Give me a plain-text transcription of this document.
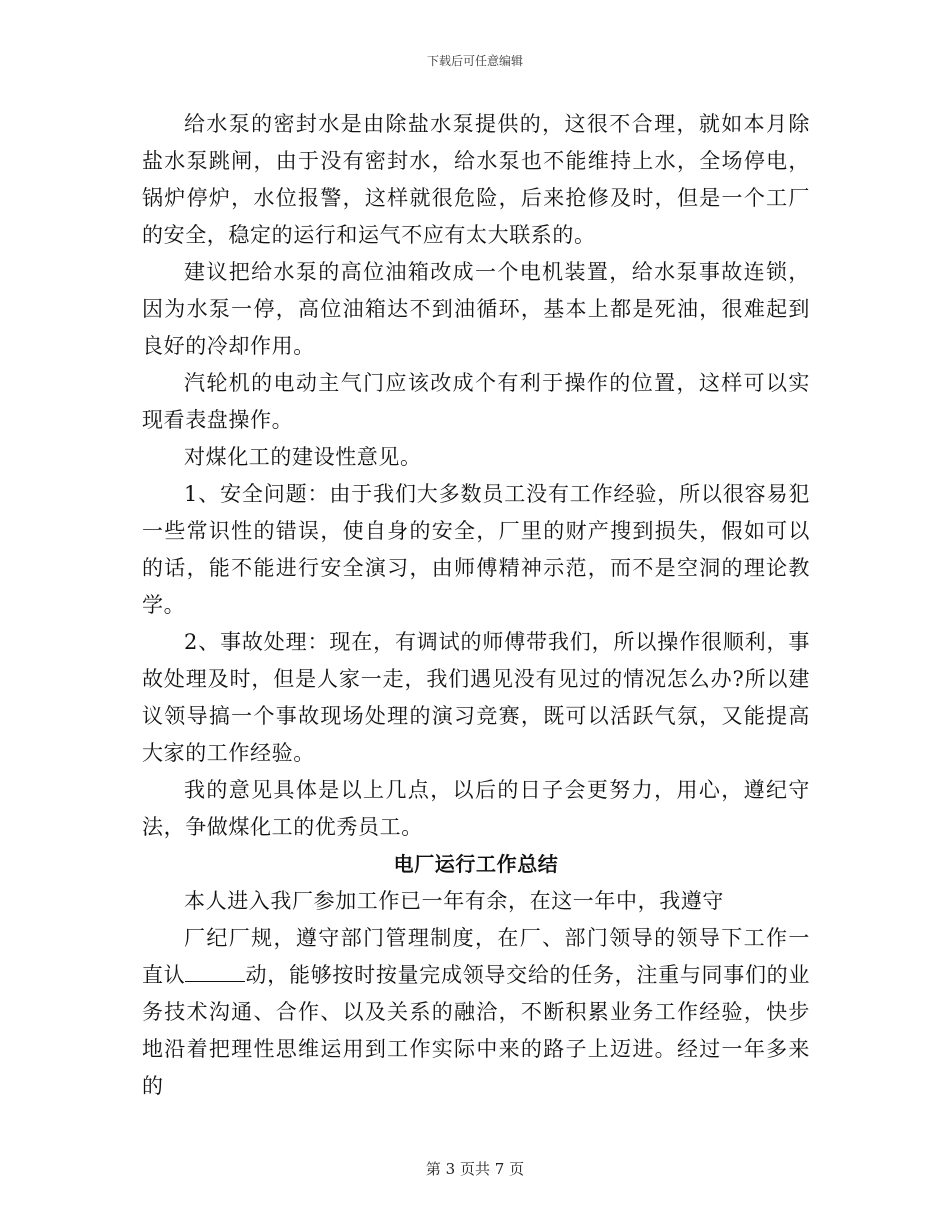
下载后可任意编辑

给水泵的密封水是由除盐水泵提供的，这很不合理，就如本月除盐水泵跳闸，由于没有密封水，给水泵也不能维持上水，全场停电，锅炉停炉，水位报警，这样就很危险，后来抢修及时，但是一个工厂的安全，稳定的运行和运气不应有太大联系的。

建议把给水泵的高位油箱改成一个电机装置，给水泵事故连锁，因为水泵一停，高位油箱达不到油循环，基本上都是死油，很难起到良好的冷却作用。

汽轮机的电动主气门应该改成个有利于操作的位置，这样可以实现看表盘操作。

对煤化工的建设性意见。

1、安全问题：由于我们大多数员工没有工作经验，所以很容易犯一些常识性的错误，使自身的安全，厂里的财产搜到损失，假如可以的话，能不能进行安全演习，由师傅精神示范，而不是空洞的理论教学。

2、事故处理：现在，有调试的师傅带我们，所以操作很顺利，事故处理及时，但是人家一走，我们遇见没有见过的情况怎么办?所以建议领导搞一个事故现场处理的演习竞赛，既可以活跃气氛，又能提高大家的工作经验。

我的意见具体是以上几点，以后的日子会更努力，用心，遵纪守法，争做煤化工的优秀员工。

电厂运行工作总结

本人进入我厂参加工作已一年有余，在这一年中，我遵守

厂纪厂规，遵守部门管理制度，在厂、部门领导的领导下工作一直认	动，能够按时按量完成领导交给的任务，注重与同事们的业务技术沟通、合作、以及关系的融洽，不断积累业务工作经验，快步地沿着把理性思维运用到工作实际中来的路子上迈进。经过一年多来的

第 3 页共 7 页
